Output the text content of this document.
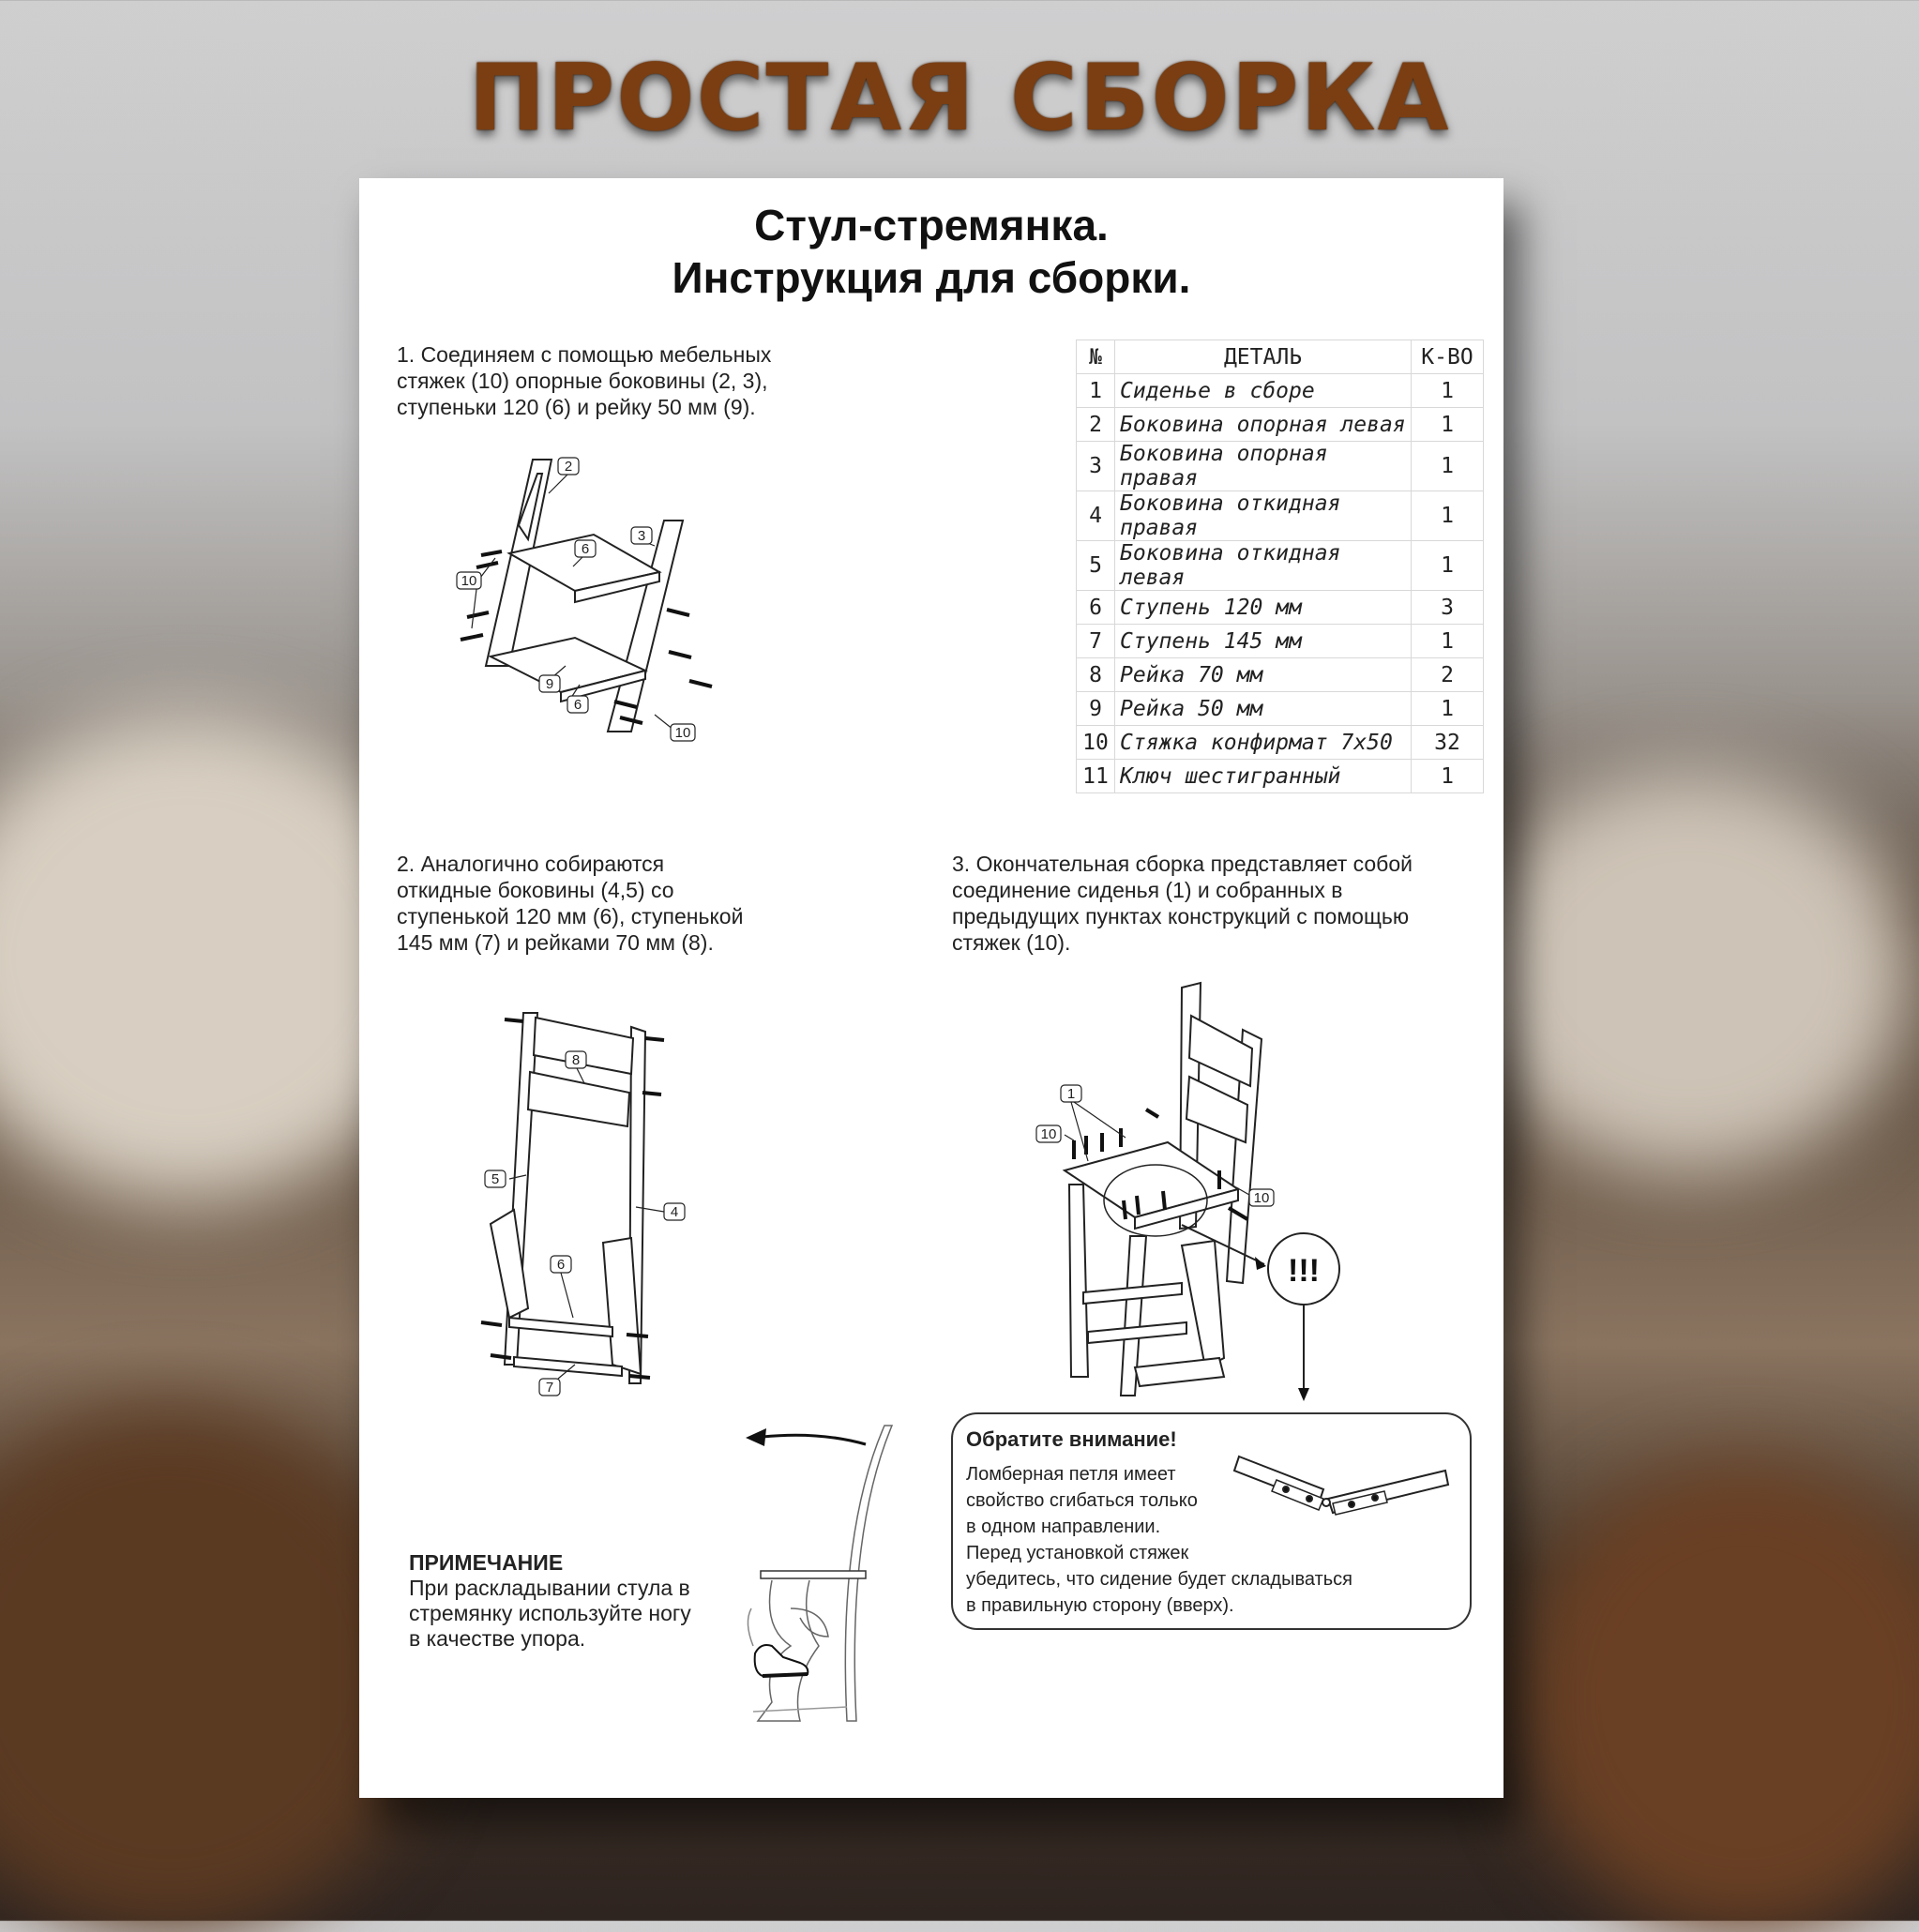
ПРОСТАЯ СБОРКА
Стул-стремянка.
Инструкция для сборки.
1. Соединяем с помощью мебельных
стяжек (10) опорные боковины (2, 3),
ступеньки 120 (6) и рейку 50 мм (9).
№	ДЕТАЛЬ	К-ВО
1	Сиденье в сборе	1
2	Боковина опорная левая	1
3	Боковина опорная правая	1
4	Боковина откидная правая	1
5	Боковина откидная левая	1
6	Ступень 120 мм	3
7	Ступень 145 мм	1
8	Рейка 70 мм	2
9	Рейка 50 мм	1
10	Стяжка конфирмат 7х50	32
11	Ключ шестигранный	1
2
3
6
10
9
6
10
2. Аналогично собираются
откидные боковины (4,5) со
ступенькой 120 мм (6), ступенькой
145 мм (7) и рейками 70 мм (8).
3. Окончательная сборка представляет собой
соединение сиденья (1) и собранных в
предыдущих пунктах конструкций с помощью
стяжек (10).
8
5
4
6
7
!!!
1
10
10
Обратите внимание!
Ломберная петля имеет
свойство сгибаться только
в одном направлении.
Перед установкой стяжек
убедитесь, что сидение будет складываться
в правильную сторону (вверх).
ПРИМЕЧАНИЕ
При раскладывании стула в
стремянку используйте ногу
в качестве упора.
